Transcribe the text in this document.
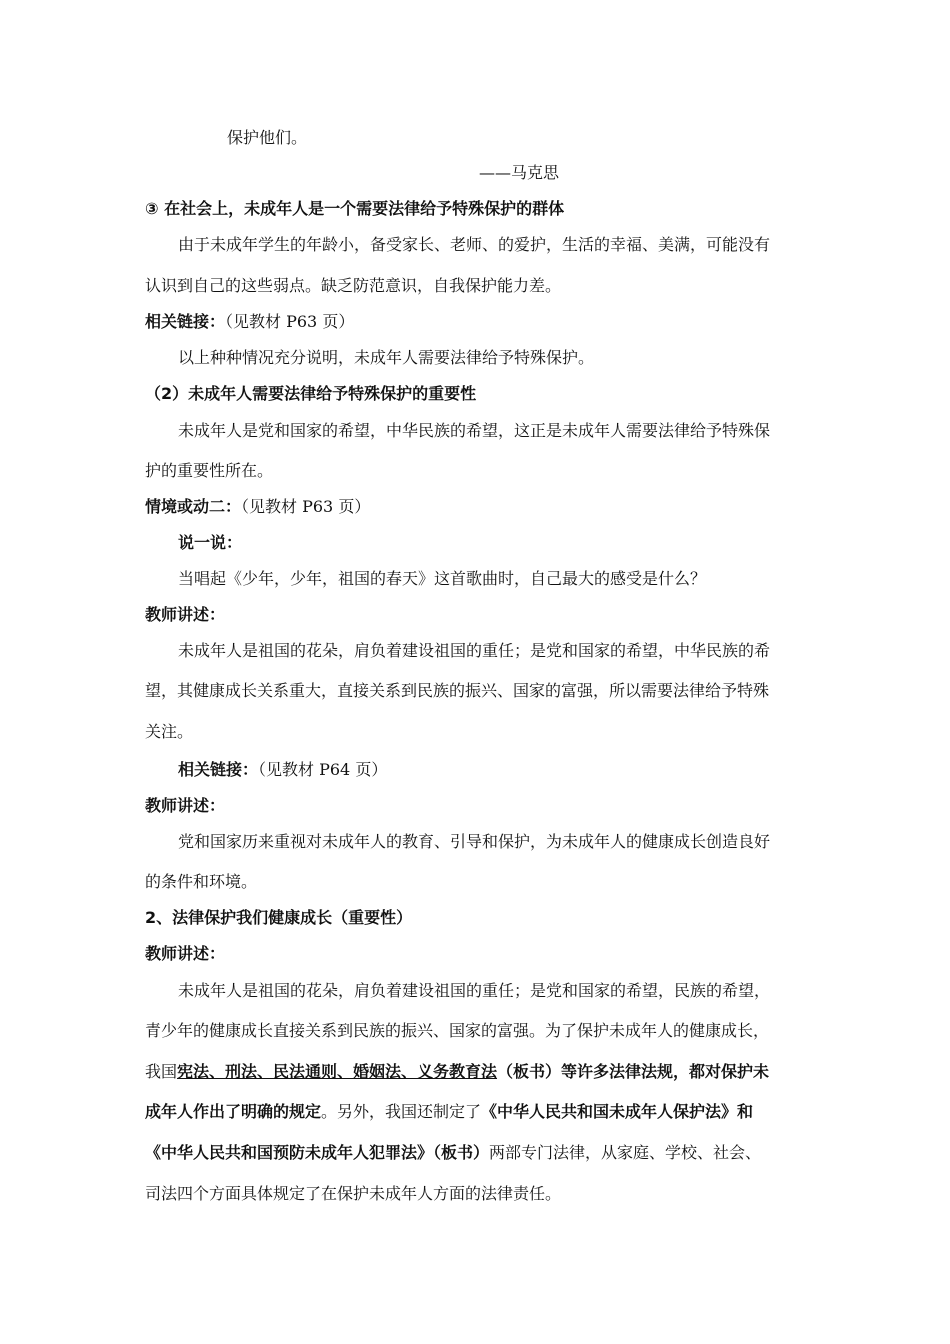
保护他们。
——马克思
③ 在社会上，未成年人是一个需要法律给予特殊保护的群体
由于未成年学生的年龄小，备受家长、老师、的爱护，生活的幸福、美满，可能没有
认识到自己的这些弱点。缺乏防范意识，自我保护能力差。
相关链接：（见教材 P63 页）
以上种种情况充分说明，未成年人需要法律给予特殊保护。
（2）未成年人需要法律给予特殊保护的重要性
未成年人是党和国家的希望，中华民族的希望，这正是未成年人需要法律给予特殊保
护的重要性所在。
情境或动二：（见教材 P63 页）
说一说：
当唱起《少年，少年，祖国的春天》这首歌曲时，自己最大的感受是什么？
教师讲述：
未成年人是祖国的花朵，肩负着建设祖国的重任；是党和国家的希望，中华民族的希
望，其健康成长关系重大，直接关系到民族的振兴、国家的富强，所以需要法律给予特殊
关注。
相关链接：（见教材 P64 页）
教师讲述：
党和国家历来重视对未成年人的教育、引导和保护，为未成年人的健康成长创造良好
的条件和环境。
2、法律保护我们健康成长（重要性）
教师讲述：
未成年人是祖国的花朵，肩负着建设祖国的重任；是党和国家的希望，民族的希望，
青少年的健康成长直接关系到民族的振兴、国家的富强。为了保护未成年人的健康成长，
我国宪法、刑法、民法通则、婚姻法、义务教育法（板书）等许多法律法规，都对保护未
成年人作出了明确的规定。另外，我国还制定了《中华人民共和国未成年人保护法》和
《中华人民共和国预防未成年人犯罪法》（板书）两部专门法律，从家庭、学校、社会、
司法四个方面具体规定了在保护未成年人方面的法律责任。
